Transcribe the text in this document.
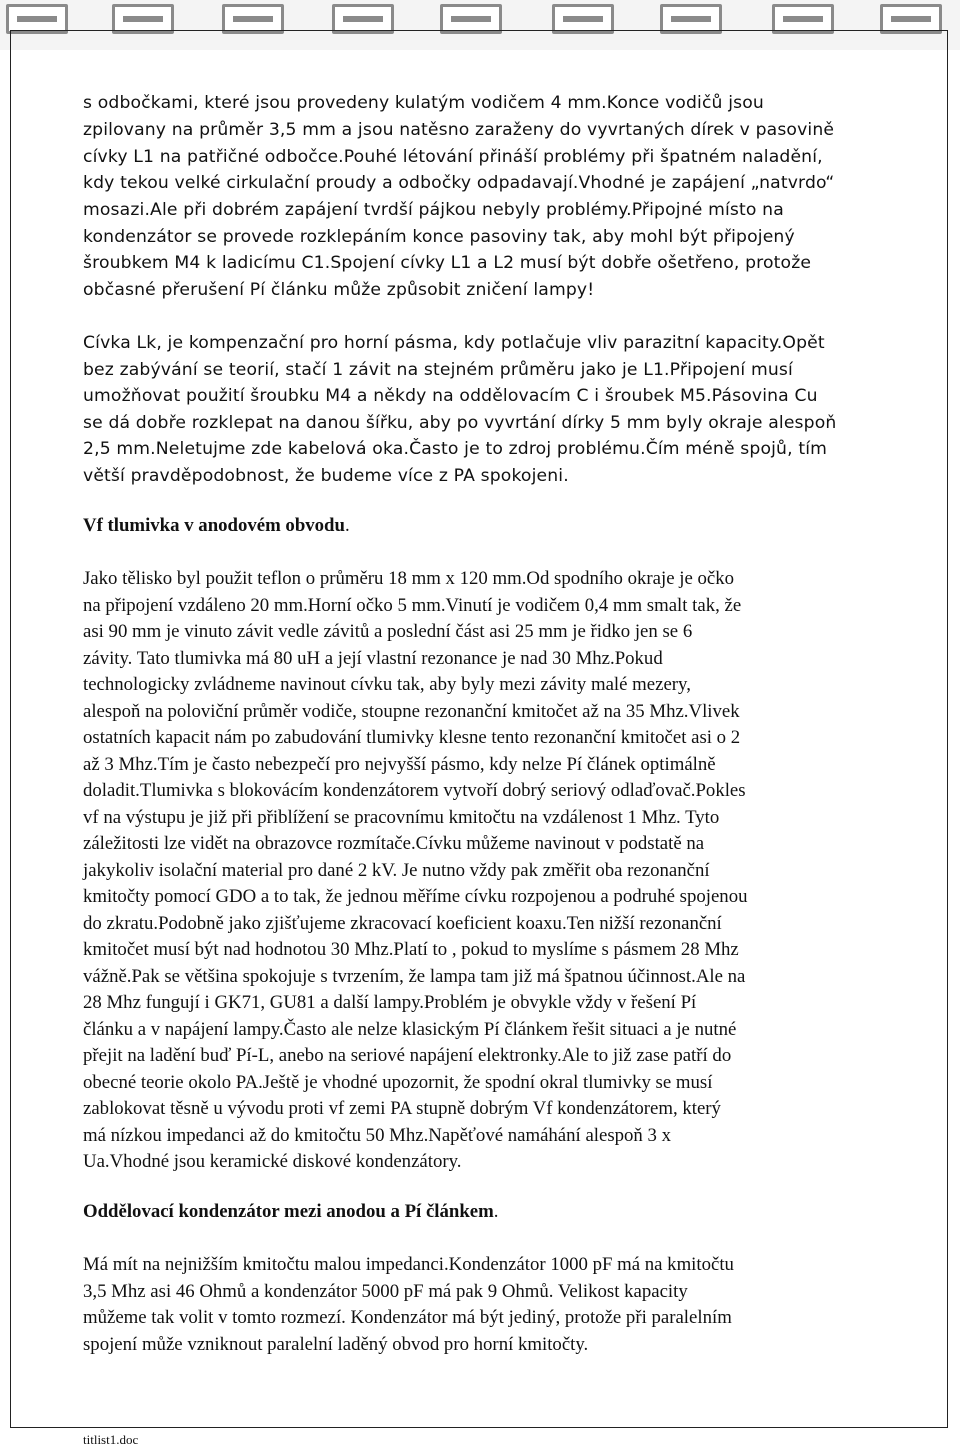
s odbočkami, které jsou provedeny kulatým vodičem 4 mm.Konce vodičů jsou
zpilovany na průměr 3,5 mm a jsou natěsno zaraženy do vyvrtaných dírek v pasovině
cívky L1 na patřičné odbočce.Pouhé létování přináší problémy při špatném naladění,
kdy tekou velké cirkulační proudy a odbočky odpadavají.Vhodné je zapájení „natvrdo“
mosazi.Ale při dobrém zapájení tvrdší pájkou nebyly problémy.Připojné místo na
kondenzátor se provede rozklepáním konce pasoviny tak, aby mohl být připojený
šroubkem M4 k ladicímu C1.Spojení cívky L1 a L2 musí být dobře ošetřeno, protože
občasné přerušení Pí článku může způsobit zničení lampy!
Cívka Lk, je kompenzační pro horní pásma, kdy potlačuje vliv parazitní kapacity.Opět
bez zabývání se teorií, stačí 1 závit na stejném průměru jako je L1.Připojení musí
umožňovat použití šroubku M4 a někdy na oddělovacím C i šroubek M5.Pásovina Cu
se dá dobře rozklepat na danou šířku, aby po vyvrtání dírky 5 mm byly okraje alespoň
2,5 mm.Neletujme zde kabelová oka.Často je to zdroj problému.Čím méně spojů, tím
větší pravděpodobnost, že budeme více z PA spokojeni.
Vf tlumivka v anodovém obvodu.
Jako tělisko byl použit teflon o průměru 18 mm x 120 mm.Od spodního okraje je očko
na připojení vzdáleno 20 mm.Horní očko 5 mm.Vinutí je vodičem 0,4 mm smalt tak, že
asi 90 mm je vinuto závit vedle závitů a poslední část asi 25 mm je řidko jen se 6
závity. Tato tlumivka má 80 uH a její vlastní rezonance je nad 30 Mhz.Pokud
technologicky zvládneme navinout cívku tak, aby byly mezi závity malé mezery,
alespoň na poloviční průměr vodiče, stoupne rezonanční kmitočet až na 35 Mhz.Vlivek
ostatních kapacit nám po zabudování tlumivky klesne tento rezonanční kmitočet asi o 2
až 3 Mhz.Tím je často nebezpečí pro nejvyšší pásmo, kdy nelze Pí článek optimálně
doladit.Tlumivka s blokovácím kondenzátorem vytvoří dobrý seriový odlaďovač.Pokles
vf na výstupu je již při přiblížení se pracovnímu kmitočtu na vzdálenost 1 Mhz. Tyto
záležitosti lze vidět na obrazovce rozmítače.Cívku můžeme navinout v podstatě na
jakykoliv isolační material pro dané 2 kV. Je nutno vždy pak změřit oba rezonanční
kmitočty pomocí GDO a to tak, že jednou měříme cívku rozpojenou a podruhé spojenou
do zkratu.Podobně jako zjišťujeme zkracovací koeficient koaxu.Ten nižší rezonanční
kmitočet musí být nad hodnotou 30 Mhz.Platí to , pokud to myslíme s pásmem 28 Mhz
vážně.Pak se většina spokojuje s tvrzením, že lampa tam již má špatnou účinnost.Ale na
28 Mhz fungují i GK71, GU81 a další lampy.Problém je obvykle vždy v řešení Pí
článku a v napájení lampy.Často ale nelze klasickým Pí článkem řešit situaci a je nutné
přejit na ladění buď Pí-L, anebo na seriové napájení elektronky.Ale to již zase patří do
obecné teorie okolo PA.Ještě je vhodné upozornit, že spodní okral tlumivky se musí
zablokovat těsně u vývodu proti vf zemi PA stupně dobrým Vf kondenzátorem, který
má nízkou impedanci až do kmitočtu 50 Mhz.Napěťové namáhání alespoň 3 x
Ua.Vhodné jsou keramické diskové kondenzátory.
Oddělovací kondenzátor mezi anodou a Pí článkem.
Má mít na nejnižším kmitočtu malou impedanci.Kondenzátor 1000 pF má na kmitočtu
3,5 Mhz asi 46 Ohmů a kondenzátor 5000 pF má pak 9 Ohmů. Velikost kapacity
můžeme tak volit v tomto rozmezí. Kondenzátor má být jediný, protože při paralelním
spojení může vzniknout paralelní laděný obvod pro horní kmitočty.
titlist1.doc
